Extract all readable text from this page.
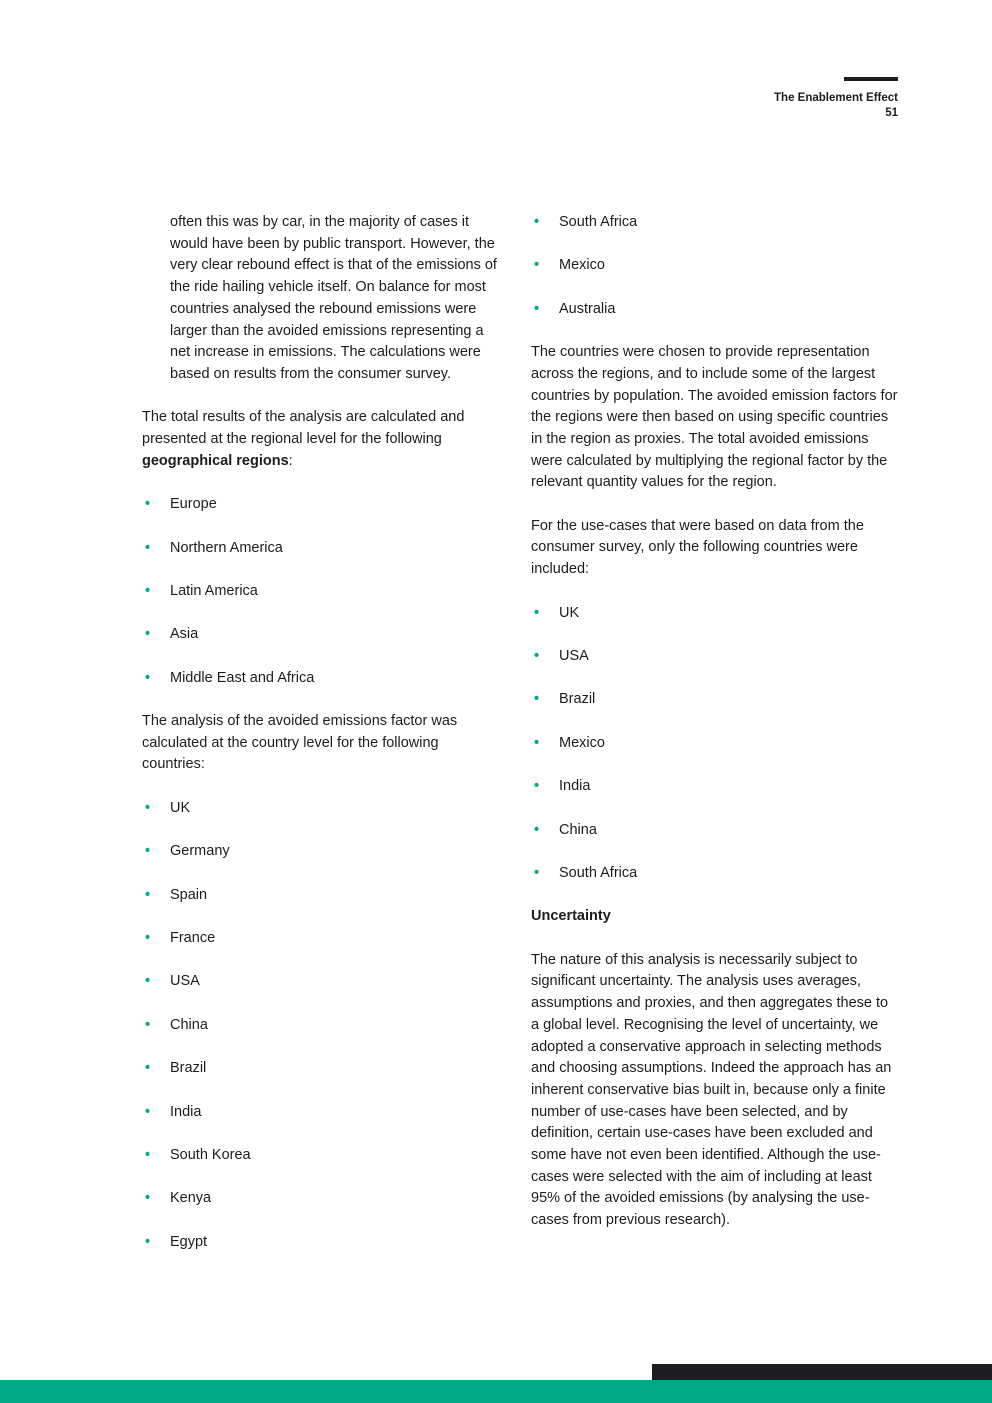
The Enablement Effect
51

often this was by car, in the majority of cases it would have been by public transport. However, the very clear rebound effect is that of the emissions of the ride hailing vehicle itself. On balance for most countries analysed the rebound emissions were larger than the avoided emissions representing a net increase in emissions. The calculations were based on results from the consumer survey.

The total results of the analysis are calculated and presented at the regional level for the following geographical regions:

• Europe
• Northern America
• Latin America
• Asia
• Middle East and Africa

The analysis of the avoided emissions factor was calculated at the country level for the following countries:

• UK
• Germany
• Spain
• France
• USA
• China
• Brazil
• India
• South Korea
• Kenya
• Egypt
• South Africa
• Mexico
• Australia

The countries were chosen to provide representation across the regions, and to include some of the largest countries by population. The avoided emission factors for the regions were then based on using specific countries in the region as proxies. The total avoided emissions were calculated by multiplying the regional factor by the relevant quantity values for the region.

For the use-cases that were based on data from the consumer survey, only the following countries were included:

• UK
• USA
• Brazil
• Mexico
• India
• China
• South Africa
Uncertainty

The nature of this analysis is necessarily subject to significant uncertainty. The analysis uses averages, assumptions and proxies, and then aggregates these to a global level. Recognising the level of uncertainty, we adopted a conservative approach in selecting methods and choosing assumptions. Indeed the approach has an inherent conservative bias built in, because only a finite number of use-cases have been selected, and by definition, certain use-cases have been excluded and some have not even been identified. Although the use-cases were selected with the aim of including at least 95% of the avoided emissions (by analysing the use-cases from previous research).
